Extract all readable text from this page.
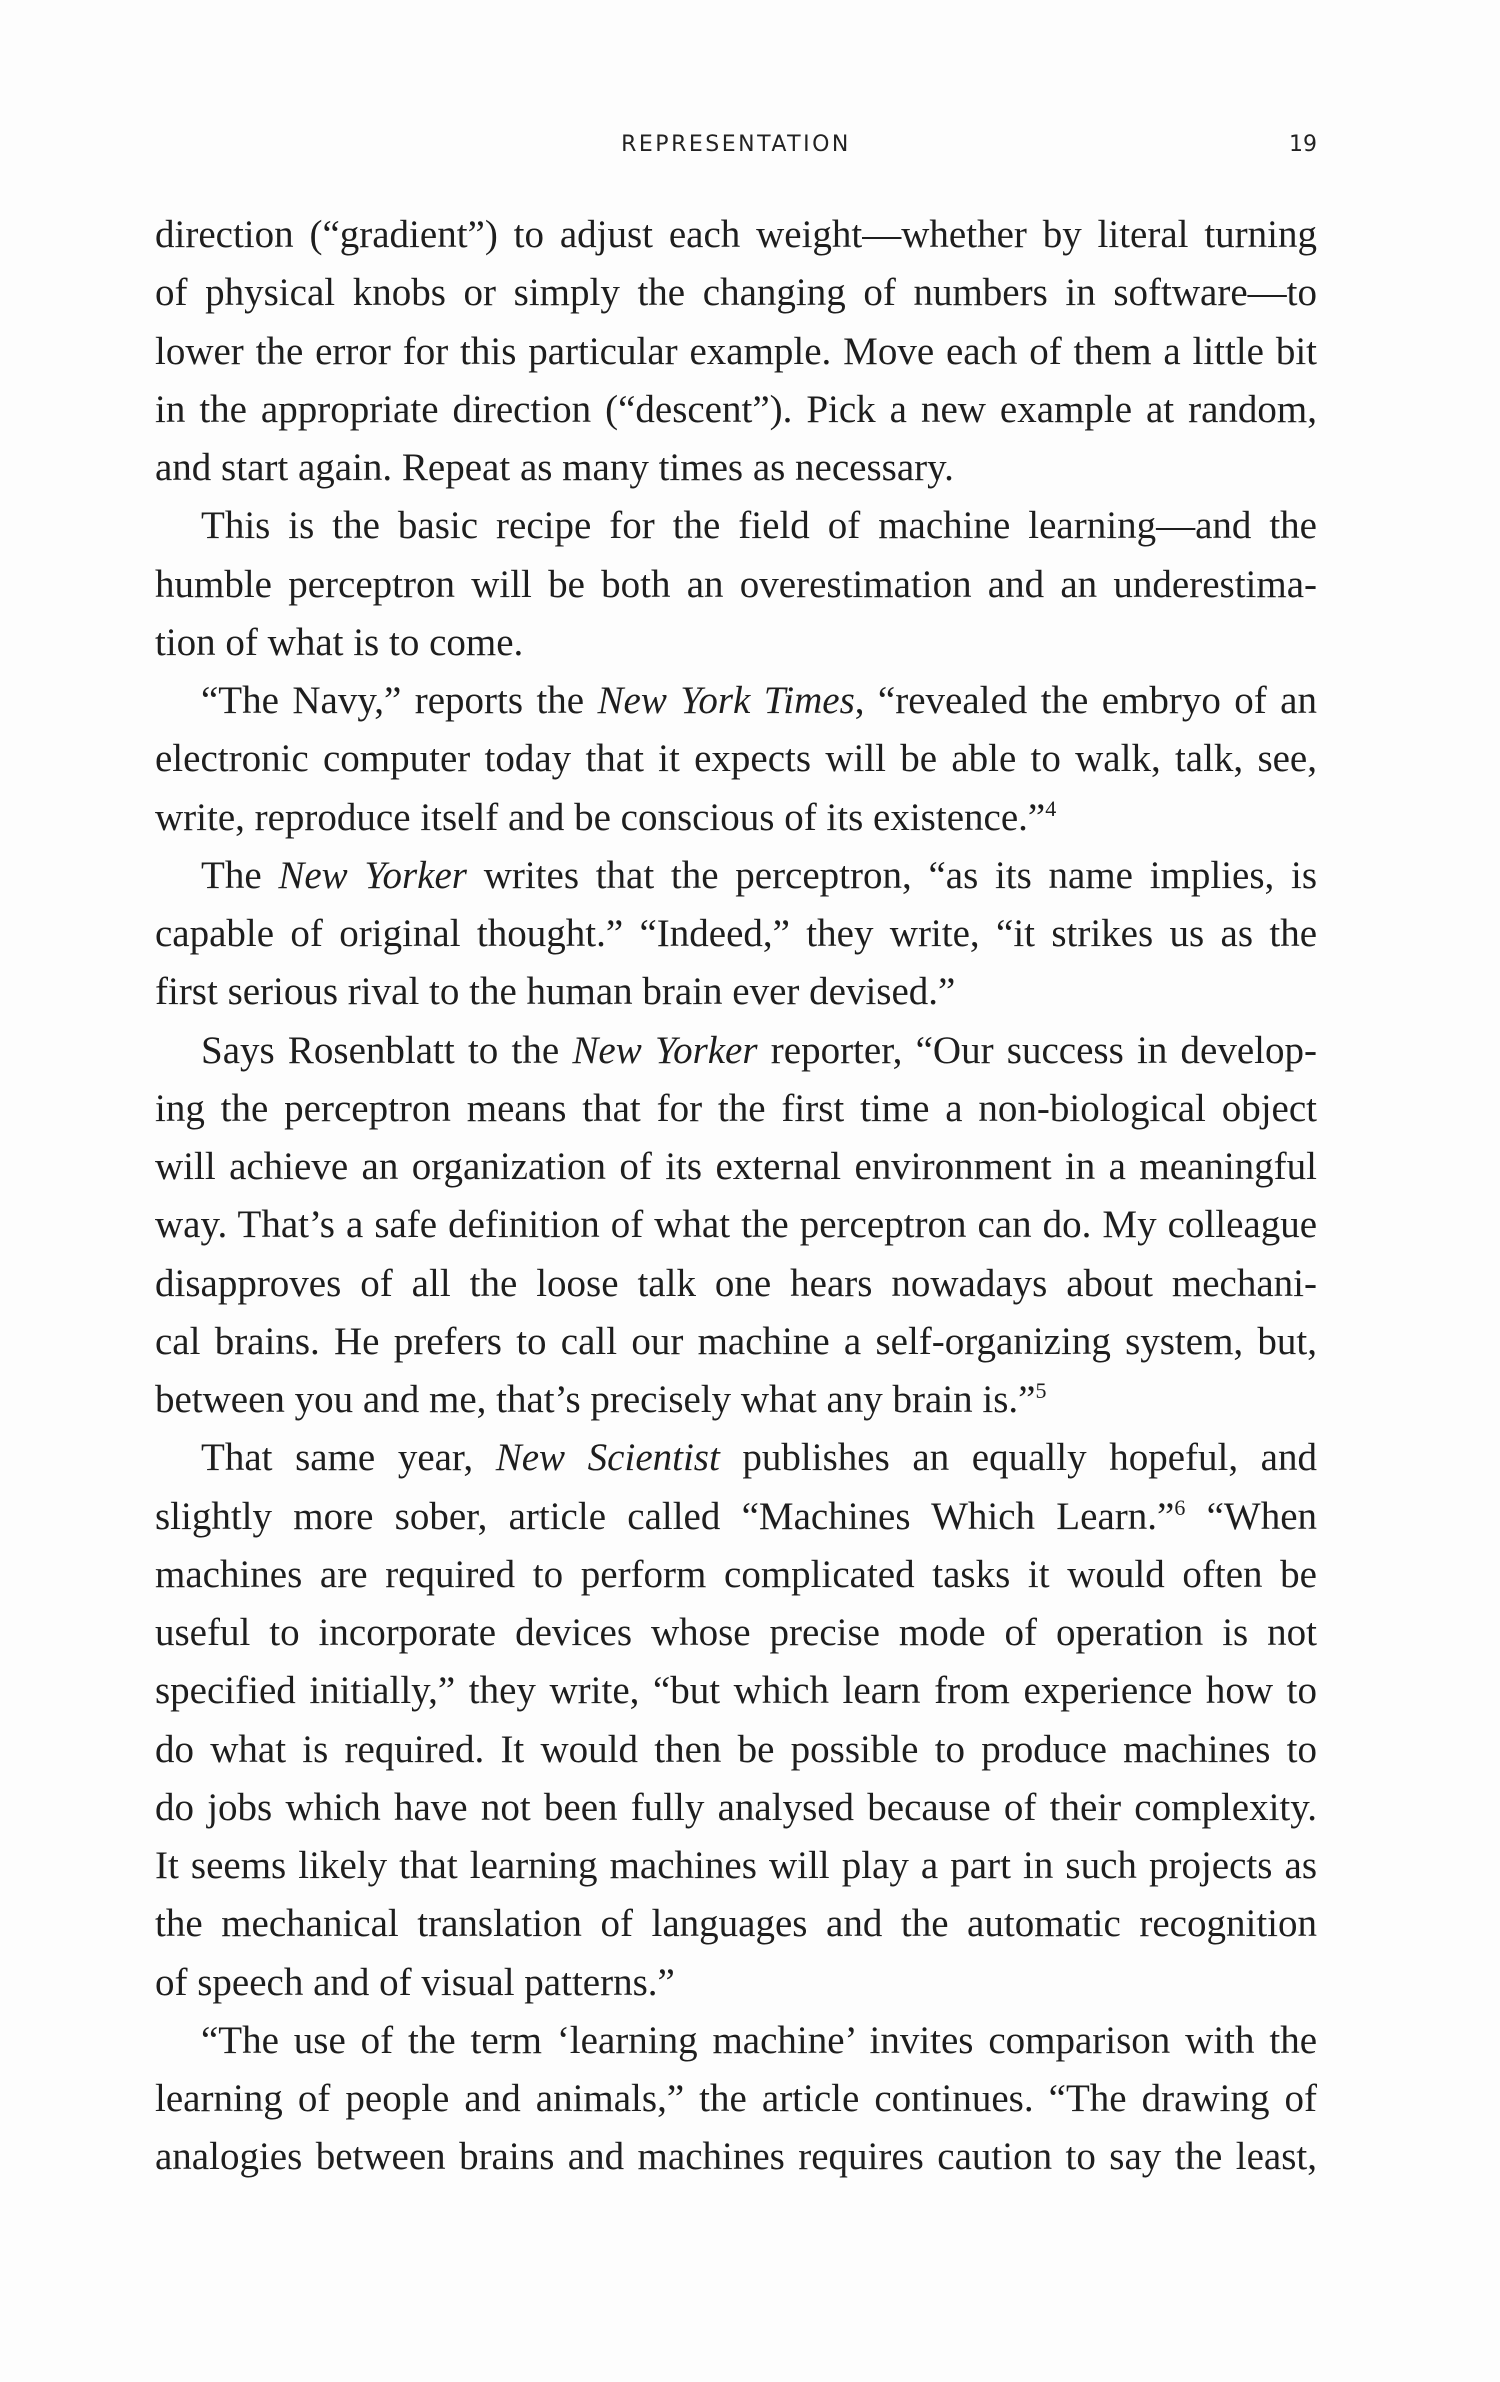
REPRESENTATION	19
direction (“gradient”) to adjust each weight—whether by literal turning
of physical knobs or simply the changing of numbers in software—to
lower the error for this particular example. Move each of them a little bit
in the appropriate direction (“descent”). Pick a new example at random,
and start again. Repeat as many times as necessary.
This is the basic recipe for the field of machine learning—and the
humble perceptron will be both an overestimation and an underestima-
tion of what is to come.
“The Navy,” reports the New York Times, “revealed the embryo of an
electronic computer today that it expects will be able to walk, talk, see,
write, reproduce itself and be conscious of its existence.”$^4$
The New Yorker writes that the perceptron, “as its name implies, is
capable of original thought.” “Indeed,” they write, “it strikes us as the
first serious rival to the human brain ever devised.”
Says Rosenblatt to the New Yorker reporter, “Our success in develop-
ing the perceptron means that for the first time a non-biological object
will achieve an organization of its external environment in a meaningful
way. That’s a safe definition of what the perceptron can do. My colleague
disapproves of all the loose talk one hears nowadays about mechani-
cal brains. He prefers to call our machine a self-organizing system, but,
between you and me, that’s precisely what any brain is.”$^5$
That same year, New Scientist publishes an equally hopeful, and
slightly more sober, article called “Machines Which Learn.”$^6$ “When
machines are required to perform complicated tasks it would often be
useful to incorporate devices whose precise mode of operation is not
specified initially,” they write, “but which learn from experience how to
do what is required. It would then be possible to produce machines to
do jobs which have not been fully analysed because of their complexity.
It seems likely that learning machines will play a part in such projects as
the mechanical translation of languages and the automatic recognition
of speech and of visual patterns.”
“The use of the term ‘learning machine’ invites comparison with the
learning of people and animals,” the article continues. “The drawing of
analogies between brains and machines requires caution to say the least,
